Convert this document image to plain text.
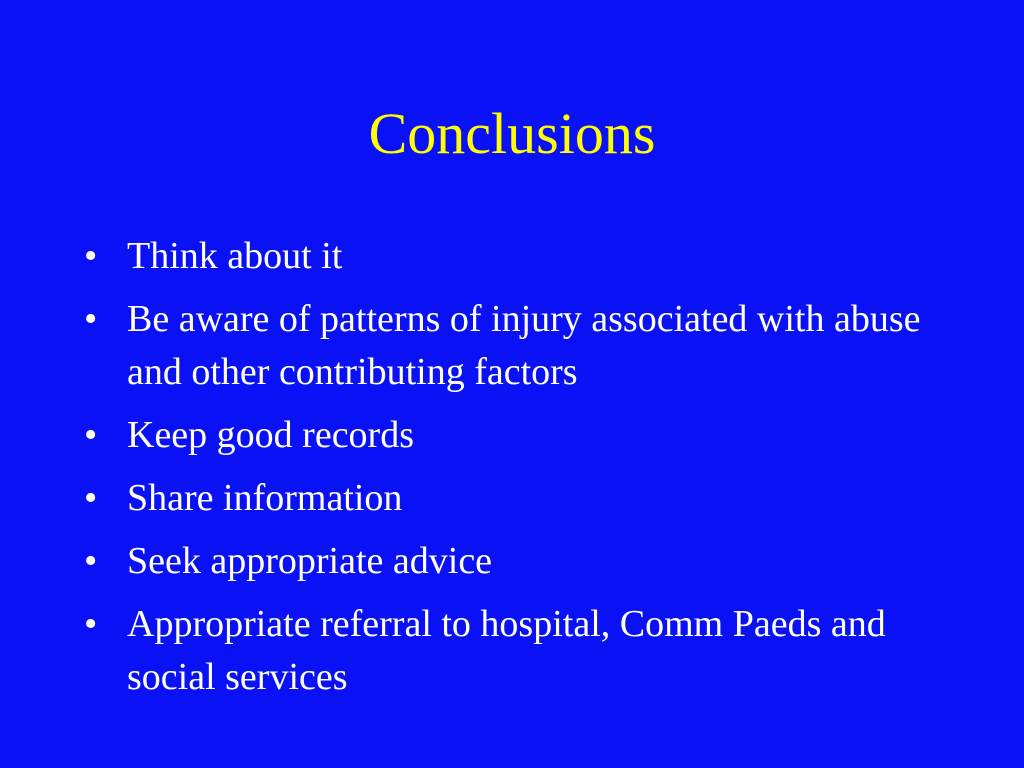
Conclusions
• Think about it
• Be aware of patterns of injury associated with abuse and other contributing factors
• Keep good records
• Share information
• Seek appropriate advice
• Appropriate referral to hospital, Comm Paeds and social services
